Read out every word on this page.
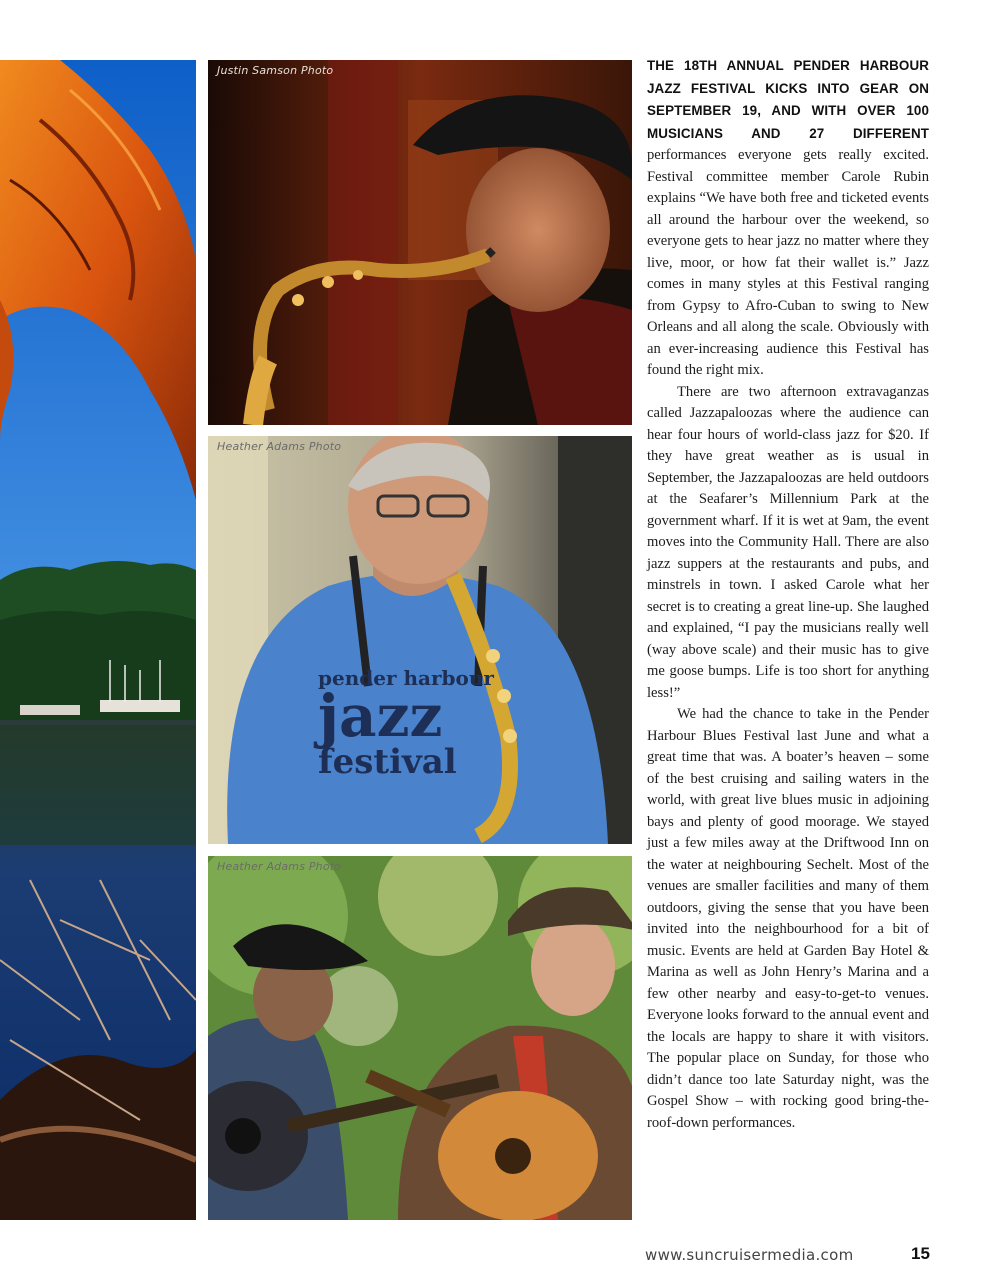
Justin Samson Photo
Heather Adams Photo
pender harbour
jazz
festival
Heather Adams Photo

THE 18TH ANNUAL PENDER HARBOUR JAZZ FESTIVAL KICKS INTO GEAR ON SEPTEMBER 19, AND WITH OVER 100 MUSICIANS AND 27 DIFFERENT performances everyone gets really excited. Festival committee member Carole Rubin explains “We have both free and ticketed events all around the harbour over the weekend, so everyone gets to hear jazz no matter where they live, moor, or how fat their wallet is.” Jazz comes in many styles at this Festival ranging from Gypsy to Afro-Cuban to swing to New Orleans and all along the scale. Obviously with an ever-increasing audience this Festival has found the right mix.

There are two afternoon extravaganzas called Jazzapaloozas where the audience can hear four hours of world-class jazz for $20. If they have great weather as is usual in September, the Jazzapaloozas are held outdoors at the Seafarer’s Millennium Park at the government wharf. If it is wet at 9am, the event moves into the Community Hall. There are also jazz suppers at the restaurants and pubs, and minstrels in town. I asked Carole what her secret is to creating a great line-up. She laughed and explained, “I pay the musicians really well (way above scale) and their music has to give me goose bumps. Life is too short for anything less!”

We had the chance to take in the Pender Harbour Blues Festival last June and what a great time that was. A boater’s heaven – some of the best cruising and sailing waters in the world, with great live blues music in adjoining bays and plenty of good moorage. We stayed just a few miles away at the Driftwood Inn on the water at neighbouring Sechelt. Most of the venues are smaller facilities and many of them outdoors, giving the sense that you have been invited into the neighbourhood for a bit of music. Events are held at Garden Bay Hotel & Marina as well as John Henry’s Marina and a few other nearby and easy-to-get-to venues. Everyone looks forward to the annual event and the locals are happy to share it with visitors. The popular place on Sunday, for those who didn’t dance too late Saturday night, was the Gospel Show – with rocking good bring-the-roof-down performances.

www.suncruisermedia.com	15
